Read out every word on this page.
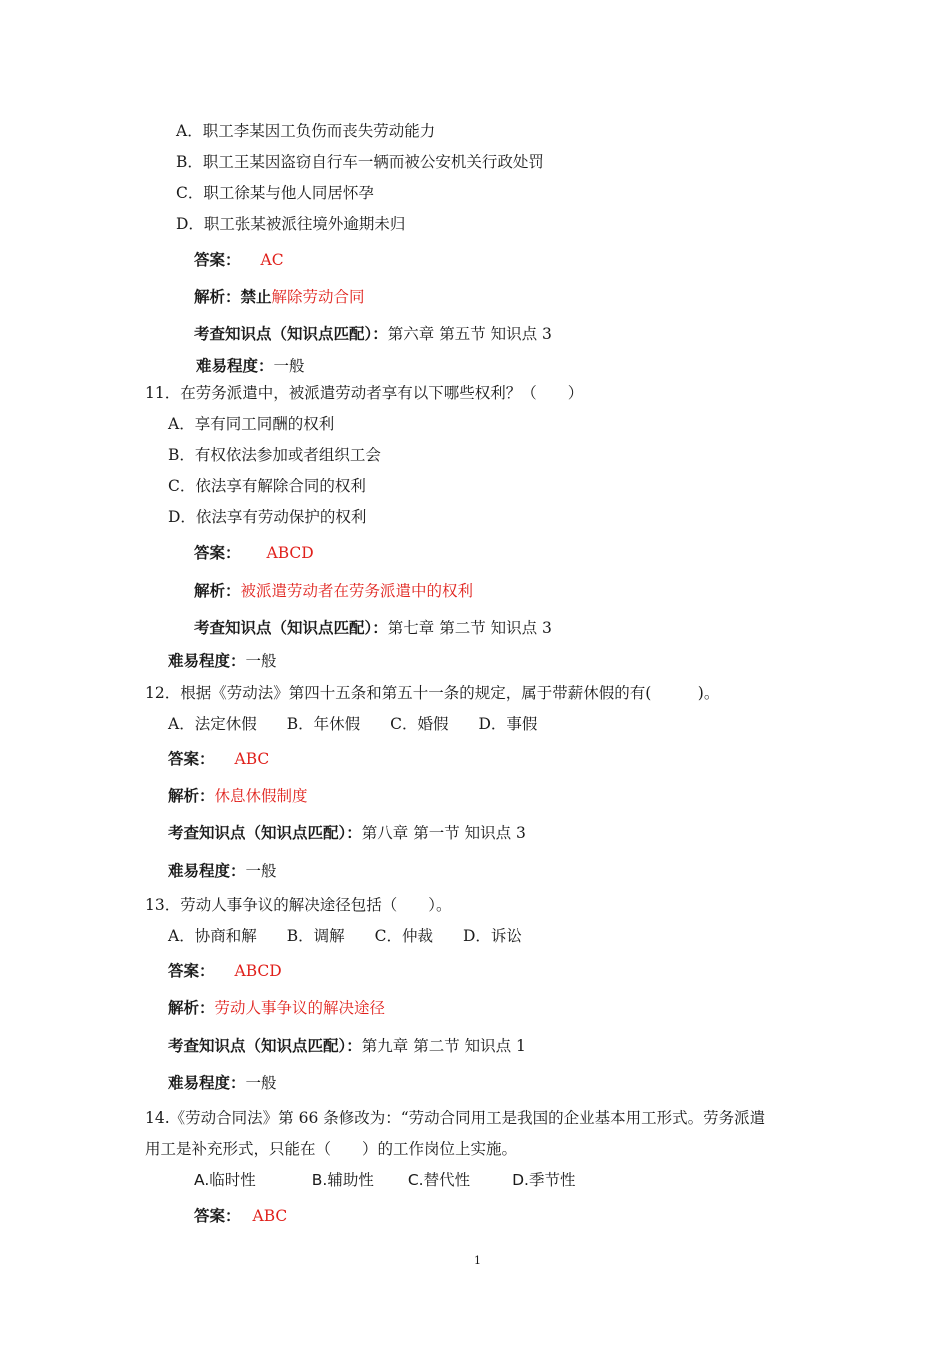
A．职工李某因工负伤而丧失劳动能力
B．职工王某因盗窃自行车一辆而被公安机关行政处罚
C．职工徐某与他人同居怀孕
D．职工张某被派往境外逾期未归
答案： AC
解析：禁止解除劳动合同
考查知识点（知识点匹配）：第六章 第五节 知识点 3
难易程度：一般
11．在劳务派遣中，被派遣劳动者享有以下哪些权利？（　　）
A．享有同工同酬的权利
B．有权依法参加或者组织工会
C．依法享有解除合同的权利
D．依法享有劳动保护的权利
答案： ABCD
解析：被派遣劳动者在劳务派遣中的权利
考查知识点（知识点匹配）：第七章 第二节 知识点 3
难易程度：一般
12．根据《劳动法》第四十五条和第五十一条的规定，属于带薪休假的有(　　　)。
A．法定休假 B．年休假 C．婚假 D．事假
答案： ABC
解析：休息休假制度
考查知识点（知识点匹配）：第八章 第一节 知识点 3
难易程度：一般
13．劳动人事争议的解决途径包括（　　）。
A．协商和解 B．调解 C．仲裁 D．诉讼
答案： ABCD
解析：劳动人事争议的解决途径
考查知识点（知识点匹配）：第九章 第二节 知识点 1
难易程度：一般
14.《劳动合同法》第 66 条修改为：“劳动合同用工是我国的企业基本用工形式。劳务派遣
用工是补充形式，只能在（　　）的工作岗位上实施。
A.临时性	B.辅助性 C.替代性	D.季节性
答案： ABC
1
